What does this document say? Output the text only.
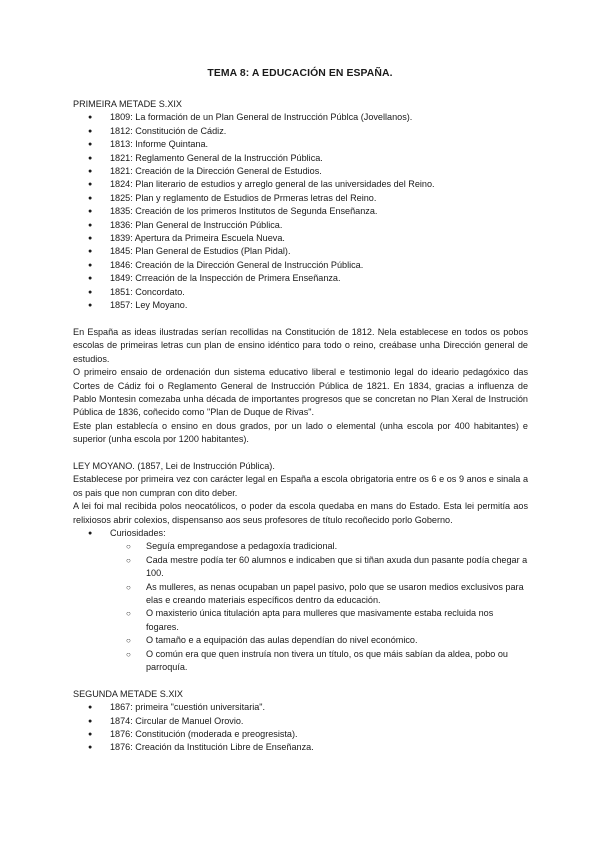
TEMA 8: A EDUCACIÓN EN ESPAÑA.

PRIMEIRA METADE S.XIX

● 1809: La formación de un Plan General de Instrucción Públca (Jovellanos).
● 1812: Constitución de Cádiz.
● 1813: Informe Quintana.
● 1821: Reglamento General de la Instrucción Pública.
● 1821: Creación de la Dirección General de Estudios.
● 1824: Plan literario de estudios y arreglo general de las universidades del Reino.
● 1825: Plan y reglamento de Estudios de Prmeras letras del Reino.
● 1835: Creación de los primeros Institutos de Segunda Enseñanza.
● 1836: Plan General de Instrucción Pública.
● 1839: Apertura da Primeira Escuela Nueva.
● 1845: Plan General de Estudios (Plan Pidal).
● 1846: Creación de la Dirección General de Instrucción Pública.
● 1849: Crreación de la Inspección de Primera Enseñanza.
● 1851: Concordato.
● 1857: Ley Moyano.

En España as ideas ilustradas serían recollidas na Constitución de 1812. Nela establecese en todos os pobos escolas de primeiras letras cun plan de ensino idéntico para todo o reino, creábase unha Dirección general de estudios.

O primeiro ensaio de ordenación dun sistema educativo liberal e testimonio legal do ideario pedagóxico das Cortes de Cádiz foi o Reglamento General de Instrucción Pública de 1821. En 1834, gracias a influenza de Pablo Montesin comezaba unha década de importantes progresos que se concretan no Plan Xeral de Instrución Pública de 1836, coñecido como "Plan de Duque de Rivas".

Este plan establecía o ensino en dous grados, por un lado o elemental (unha escola por 400 habitantes) e superior (unha escola por 1200 habitantes).

LEY MOYANO. (1857, Lei de Instrucción Pública).

Establecese por primeira vez con carácter legal en España a escola obrigatoria entre os 6 e os 9 anos e sinala a os pais que non cumpran con dito deber.

A lei foi mal recibida polos neocatólicos, o poder da escola quedaba en mans do Estado. Esta lei permitía aos relixiosos abrir colexios, dispensanso aos seus profesores de título recoñecido porlo Goberno.

● Curiosidades:
○ Seguía empregandose a pedagoxía tradicional.
○ Cada mestre podía ter 60 alumnos e indicaben que si tiñan axuda dun pasante podía chegar a 100.
○ As mulleres, as nenas ocupaban un papel pasivo, polo que se usaron medios exclusivos para elas e creando materiais específicos dentro da educación.
○ O maxisterio única titulación apta para mulleres que masivamente estaba recluida nos fogares.
○ O tamaño e a equipación das aulas dependían do nivel económico.
○ O común era que quen instruía non tivera un título, os que máis sabían da aldea, pobo ou parroquía.

SEGUNDA METADE S.XIX

● 1867: primeira "cuestión universitaria".
● 1874: Circular de Manuel Orovio.
● 1876: Constitución (moderada e preogresista).
● 1876: Creación da Institución Libre de Enseñanza.
